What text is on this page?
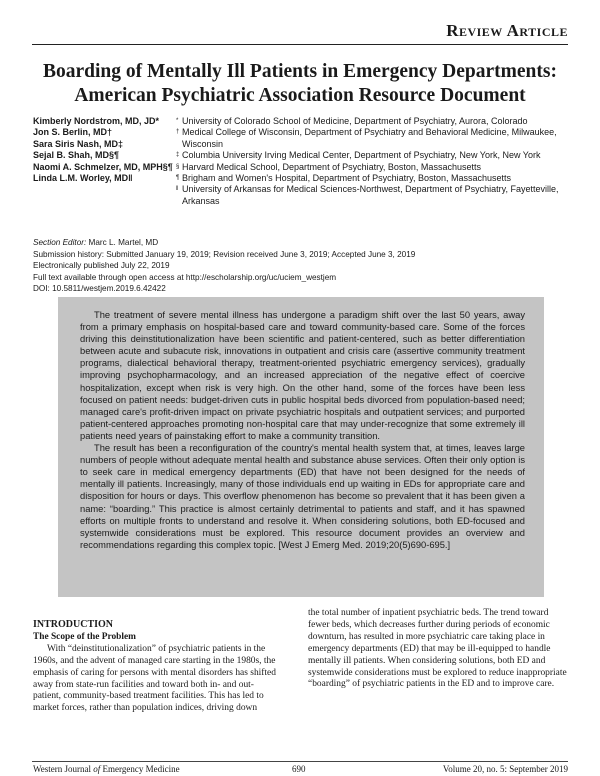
Review Article
Boarding of Mentally Ill Patients in Emergency Departments:
American Psychiatric Association Resource Document
Kimberly Nordstrom, MD, JD*
Jon S. Berlin, MD†
Sara Siris Nash, MD‡
Sejal B. Shah, MD§¶
Naomi A. Schmelzer, MD, MPH§¶
Linda L.M. Worley, MD‖
* University of Colorado School of Medicine, Department of Psychiatry, Aurora, Colorado
† Medical College of Wisconsin, Department of Psychiatry and Behavioral Medicine, Milwaukee, Wisconsin
‡ Columbia University Irving Medical Center, Department of Psychiatry, New York, New York
§ Harvard Medical School, Department of Psychiatry, Boston, Massachusetts
¶ Brigham and Women's Hospital, Department of Psychiatry, Boston, Massachusetts
‖ University of Arkansas for Medical Sciences-Northwest, Department of Psychiatry, Fayetteville, Arkansas
Section Editor: Marc L. Martel, MD
Submission history: Submitted January 19, 2019; Revision received June 3, 2019; Accepted June 3, 2019
Electronically published July 22, 2019
Full text available through open access at http://escholarship.org/uc/uciem_westjem
DOI: 10.5811/westjem.2019.6.42422

The treatment of severe mental illness has undergone a paradigm shift over the last 50 years, away from a primary emphasis on hospital-based care and toward community-based care. Some of the forces driving this deinstitutionalization have been scientific and patient-centered, such as better differentiation between acute and subacute risk, innovations in outpatient and crisis care (assertive community treatment programs, dialectical behavioral therapy, treatment-oriented psychiatric emergency services), gradually improving psychopharmacology, and an increased appreciation of the negative effect of coercive hospitalization, except when risk is very high. On the other hand, some of the forces have been less focused on patient needs: budget-driven cuts in public hospital beds divorced from population-based need; managed care's profit-driven impact on private psychiatric hospitals and outpatient services; and purported patient-centered approaches promoting non-hospital care that may under-recognize that some extremely ill patients need years of painstaking effort to make a community transition.

The result has been a reconfiguration of the country's mental health system that, at times, leaves large numbers of people without adequate mental health and substance abuse services. Often their only option is to seek care in medical emergency departments (ED) that have not been designed for the needs of mentally ill patients. Increasingly, many of those individuals end up waiting in EDs for appropriate care and disposition for hours or days. This overflow phenomenon has become so prevalent that it has been given a name: “boarding.” This practice is almost certainly detrimental to patients and staff, and it has spawned efforts on multiple fronts to understand and resolve it. When considering solutions, both ED-focused and systemwide considerations must be explored. This resource document provides an overview and recommendations regarding this complex topic. [West J Emerg Med. 2019;20(5)690-695.]

INTRODUCTION
The Scope of the Problem
With “deinstitutionalization” of psychiatric patients in the 1960s, and the advent of managed care starting in the 1980s, the emphasis of caring for persons with mental disorders has shifted away from state-run facilities and toward both in- and out-patient, community-based treatment facilities. This has led to market forces, rather than population indices, driving down
the total number of inpatient psychiatric beds. The trend toward fewer beds, which decreases further during periods of economic downturn, has resulted in more psychiatric care taking place in emergency departments (ED) that may be ill-equipped to handle mentally ill patients. When considering solutions, both ED and systemwide considerations must be explored to reduce inappropriate “boarding” of psychiatric patients in the ED and to improve care.
Western Journal of Emergency Medicine	690	Volume 20, no. 5: September 2019
